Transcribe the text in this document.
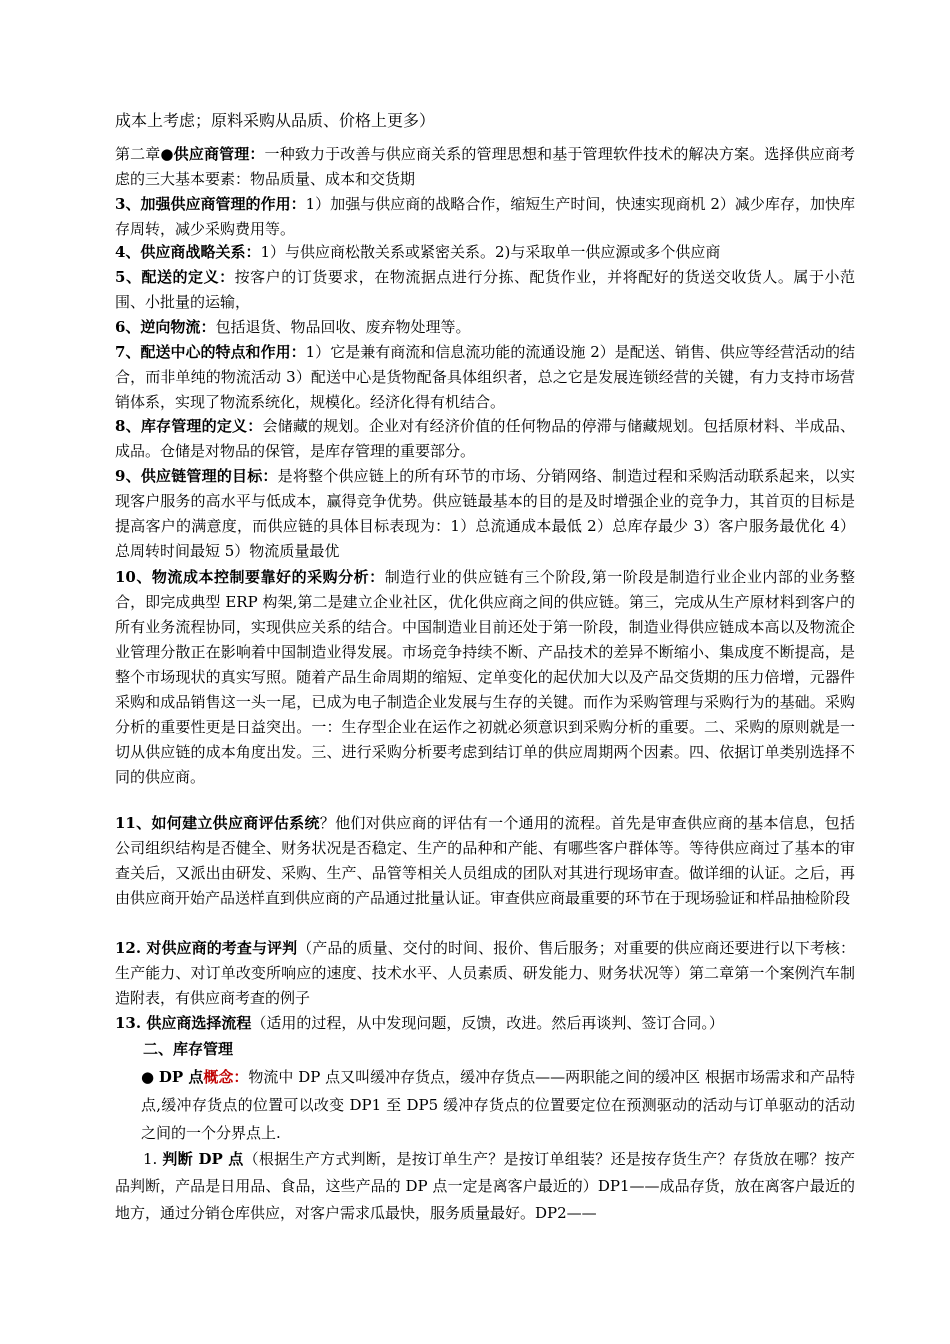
成本上考虑；原料采购从品质、价格上更多）
第二章●供应商管理：一种致力于改善与供应商关系的管理思想和基于管理软件技术的解决方案。选择供应商考虑的三大基本要素：物品质量、成本和交货期
3、加强供应商管理的作用：1）加强与供应商的战略合作，缩短生产时间，快速实现商机 2）减少库存，加快库存周转，减少采购费用等。
4、供应商战略关系：1）与供应商松散关系或紧密关系。2)与采取单一供应源或多个供应商
5、配送的定义：按客户的订货要求，在物流据点进行分拣、配货作业，并将配好的货送交收货人。属于小范围、小批量的运输，
6、逆向物流：包括退货、物品回收、废弃物处理等。
7、配送中心的特点和作用：1）它是兼有商流和信息流功能的流通设施 2）是配送、销售、供应等经营活动的结合，而非单纯的物流活动 3）配送中心是货物配备具体组织者，总之它是发展连锁经营的关键，有力支持市场营销体系，实现了物流系统化，规模化。经济化得有机结合。
8、库存管理的定义：会储藏的规划。企业对有经济价值的任何物品的停滞与储藏规划。包括原材料、半成品、成品。仓储是对物品的保管，是库存管理的重要部分。
9、供应链管理的目标：是将整个供应链上的所有环节的市场、分销网络、制造过程和采购活动联系起来，以实现客户服务的高水平与低成本，赢得竞争优势。供应链最基本的目的是及时增强企业的竞争力，其首页的目标是提高客户的满意度，而供应链的具体目标表现为：1）总流通成本最低 2）总库存最少 3）客户服务最优化 4）总周转时间最短 5）物流质量最优
10、物流成本控制要靠好的采购分析：制造行业的供应链有三个阶段,第一阶段是制造行业企业内部的业务整合，即完成典型 ERP 构架,第二是建立企业社区，优化供应商之间的供应链。第三，完成从生产原材料到客户的所有业务流程协同，实现供应关系的结合。中国制造业目前还处于第一阶段，制造业得供应链成本高以及物流企业管理分散正在影响着中国制造业得发展。市场竞争持续不断、产品技术的差异不断缩小、集成度不断提高，是整个市场现状的真实写照。随着产品生命周期的缩短、定单变化的起伏加大以及产品交货期的压力倍增，元器件采购和成品销售这一头一尾，已成为电子制造企业发展与生存的关键。而作为采购管理与采购行为的基础。采购分析的重要性更是日益突出。一：生存型企业在运作之初就必须意识到采购分析的重要。二、采购的原则就是一切从供应链的成本角度出发。三、进行采购分析要考虑到结订单的供应周期两个因素。四、依据订单类别选择不同的供应商。
11、如何建立供应商评估系统？他们对供应商的评估有一个通用的流程。首先是审查供应商的基本信息，包括公司组织结构是否健全、财务状况是否稳定、生产的品种和产能、有哪些客户群体等。等待供应商过了基本的审查关后，又派出由研发、采购、生产、品管等相关人员组成的团队对其进行现场审查。做详细的认证。之后，再由供应商开始产品送样直到供应商的产品通过批量认证。审查供应商最重要的环节在于现场验证和样品抽检阶段
12. 对供应商的考查与评判（产品的质量、交付的时间、报价、售后服务；对重要的供应商还要进行以下考核：生产能力、对订单改变所响应的速度、技术水平、人员素质、研发能力、财务状况等）第二章第一个案例汽车制造附表，有供应商考查的例子
13. 供应商选择流程（适用的过程，从中发现问题，反馈，改进。然后再谈判、签订合同。）
二、库存管理
● DP 点概念：物流中 DP 点又叫缓冲存货点，缓冲存货点——两职能之间的缓冲区 根据市场需求和产品特点,缓冲存货点的位置可以改变 DP1 至 DP5 缓冲存货点的位置要定位在预测驱动的活动与订单驱动的活动之间的一个分界点上.
1. 判断 DP 点（根据生产方式判断，是按订单生产？是按订单组装？还是按存货生产？存货放在哪？按产品判断，产品是日用品、食品，这些产品的 DP 点一定是离客户最近的）DP1——成品存货，放在离客户最近的地方，通过分销仓库供应，对客户需求瓜最快，服务质量最好。DP2——
